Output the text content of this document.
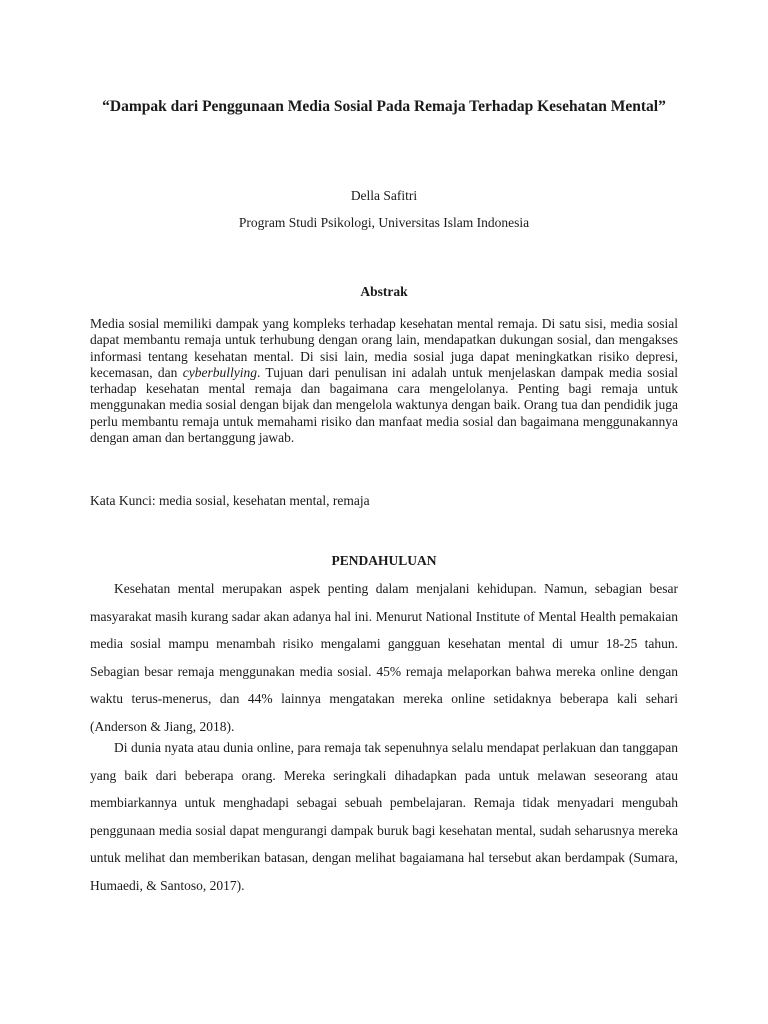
“Dampak dari Penggunaan Media Sosial Pada Remaja Terhadap Kesehatan Mental”
Della Safitri
Program Studi Psikologi, Universitas Islam Indonesia
Abstrak

Media sosial memiliki dampak yang kompleks terhadap kesehatan mental remaja. Di satu sisi, media sosial dapat membantu remaja untuk terhubung dengan orang lain, mendapatkan dukungan sosial, dan mengakses informasi tentang kesehatan mental. Di sisi lain, media sosial juga dapat meningkatkan risiko depresi, kecemasan, dan cyberbullying. Tujuan dari penulisan ini adalah untuk menjelaskan dampak media sosial terhadap kesehatan mental remaja dan bagaimana cara mengelolanya. Penting bagi remaja untuk menggunakan media sosial dengan bijak dan mengelola waktunya dengan baik. Orang tua dan pendidik juga perlu membantu remaja untuk memahami risiko dan manfaat media sosial dan bagaimana menggunakannya dengan aman dan bertanggung jawab.

Kata Kunci: media sosial, kesehatan mental, remaja

PENDAHULUAN

Kesehatan mental merupakan aspek penting dalam menjalani kehidupan. Namun, sebagian besar masyarakat masih kurang sadar akan adanya hal ini. Menurut National Institute of Mental Health pemakaian media sosial mampu menambah risiko mengalami gangguan kesehatan mental di umur 18-25 tahun. Sebagian besar remaja menggunakan media sosial. 45% remaja melaporkan bahwa mereka online dengan waktu terus-menerus, dan 44% lainnya mengatakan mereka online setidaknya beberapa kali sehari (Anderson & Jiang, 2018).

Di dunia nyata atau dunia online, para remaja tak sepenuhnya selalu mendapat perlakuan dan tanggapan yang baik dari beberapa orang. Mereka seringkali dihadapkan pada untuk melawan seseorang atau membiarkannya untuk menghadapi sebagai sebuah pembelajaran. Remaja tidak menyadari mengubah penggunaan media sosial dapat mengurangi dampak buruk bagi kesehatan mental, sudah seharusnya mereka untuk melihat dan memberikan batasan, dengan melihat bagaiamana hal tersebut akan berdampak (Sumara, Humaedi, & Santoso, 2017).
